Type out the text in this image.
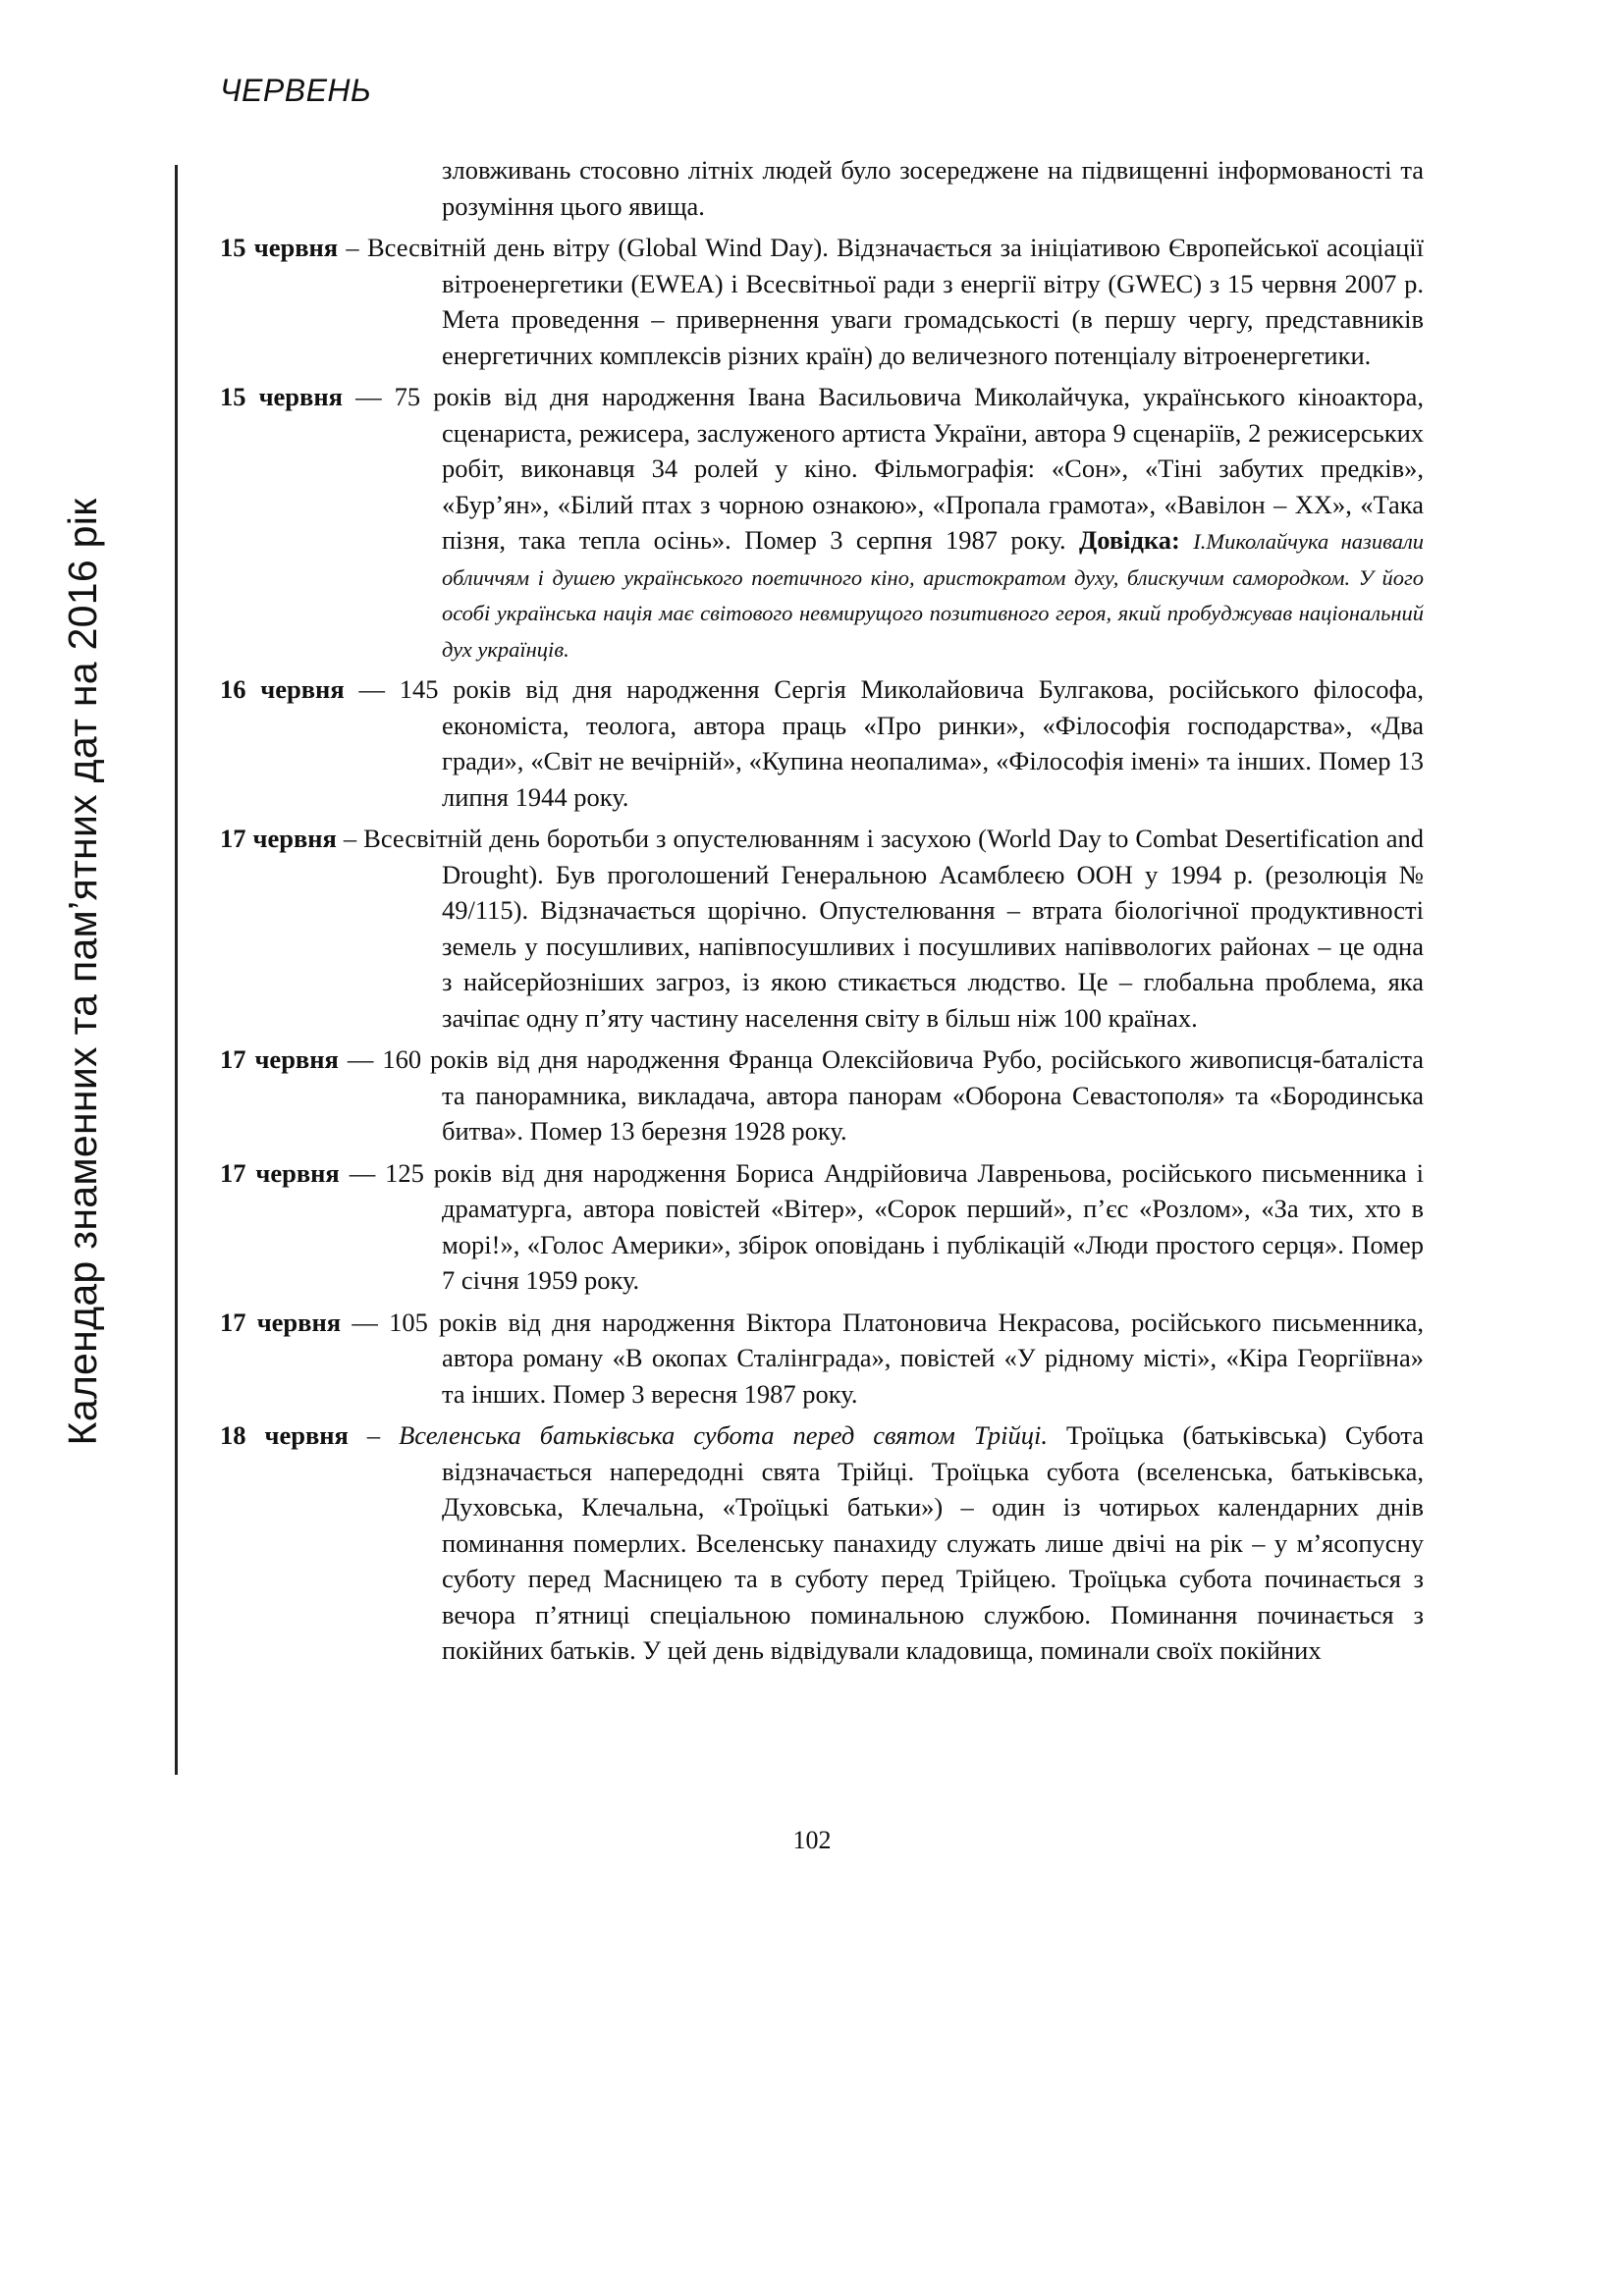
ЧЕРВЕНЬ
Календар знаменних та пам’ятних дат на 2016 рік

зловживань стосовно літніх людей було зосереджене на підвищенні інформованості та розуміння цього явища.

15 червня – Всесвітній день вітру (Global Wind Day). Відзначається за ініціативою Європейської асоціації вітроенергетики (EWEA) і Всесвітньої ради з енергії вітру (GWEC) з 15 червня 2007 р. Мета проведення – привернення уваги громадськості (в першу чергу, представників енергетичних комплексів різних країн) до величезного потенціалу вітроенергетики.

15 червня — 75 років від дня народження Івана Васильовича Миколайчука, українського кіноактора, сценариста, режисера, заслуженого артиста України, автора 9 сценаріїв, 2 режисерських робіт, виконавця 34 ролей у кіно. Фільмографія: «Сон», «Тіні забутих предків», «Бур’ян», «Білий птах з чорною ознакою», «Пропала грамота», «Вавілон – ХХ», «Така пізня, така тепла осінь». Помер 3 серпня 1987 року. Довідка: І.Миколайчука називали обличчям і душею українського поетичного кіно, аристократом духу, блискучим самородком. У його особі українська нація має світового невмирущого позитивного героя, який пробуджував національний дух українців.

16 червня — 145 років від дня народження Сергія Миколайовича Булгакова, російського філософа, економіста, теолога, автора праць «Про ринки», «Філософія господарства», «Два гради», «Світ не вечірній», «Купина неопалима», «Філософія імені» та інших. Помер 13 липня 1944 року.

17 червня – Всесвітній день боротьби з опустелюванням і засухою (World Day to Combat Desertification and Drought). Був проголошений Генеральною Асамблеєю ООН у 1994 р. (резолюція № 49/115). Відзначається щорічно. Опустелювання – втрата біологічної продуктивності земель у посушливих, напівпосушливих і посушливих напіввологих районах – це одна з найсерйозніших загроз, із якою стикається людство. Це – глобальна проблема, яка зачіпає одну п’яту частину населення світу в більш ніж 100 країнах.

17 червня — 160 років від дня народження Франца Олексійовича Рубо, російського живописця-баталіста та панорамника, викладача, автора панорам «Оборона Севастополя» та «Бородинська битва». Помер 13 березня 1928 року.

17 червня — 125 років від дня народження Бориса Андрійовича Лавреньова, російського письменника і драматурга, автора повістей «Вітер», «Сорок перший», п’єс «Розлом», «За тих, хто в морі!», «Голос Америки», збірок оповідань і публікацій «Люди простого серця». Помер 7 січня 1959 року.

17 червня — 105 років від дня народження Віктора Платоновича Некрасова, російського письменника, автора роману «В окопах Сталінграда», повістей «У рідному місті», «Кіра Георгіївна» та інших. Помер 3 вересня 1987 року.

18 червня – Вселенська батьківська субота перед святом Трійці. Троїцька (батьківська) Субота відзначається напередодні свята Трійці. Троїцька субота (вселенська, батьківська, Духовська, Клечальна, «Троїцькі батьки») – один із чотирьох календарних днів поминання померлих. Вселенську панахиду служать лише двічі на рік – у м’ясопусну суботу перед Масницею та в суботу перед Трійцею. Троїцька субота починається з вечора п’ятниці спеціальною поминальною службою. Поминання починається з покійних батьків. У цей день відвідували кладовища, поминали своїх покійних

102
